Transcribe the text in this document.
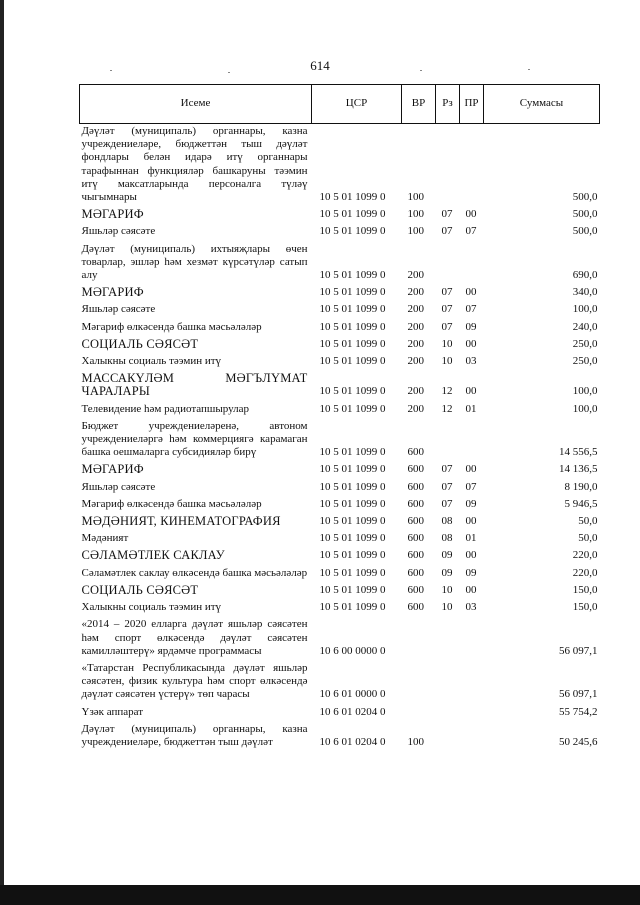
614
Исеме	ЦСР	ВР	Рз	ПР	Суммасы
Дәүләт (муниципаль) органнары, казна учреждениеләре, бюджеттән тыш дәүләт фондлары белән идарә итү органнары тарафыннан функцияләр башкаруны тәэмин итү максатларында персоналга түләү чыгымнары	10 5 01 1099 0	100			500,0
МӘГАРИФ	10 5 01 1099 0	100	07	00	500,0
Яшьләр сәясәте	10 5 01 1099 0	100	07	07	500,0
Дәүләт (муниципаль) ихтыяҗлары өчен товарлар, эшләр һәм хезмәт күрсәтүләр сатып алу	10 5 01 1099 0	200			690,0
МӘГАРИФ	10 5 01 1099 0	200	07	00	340,0
Яшьләр сәясәте	10 5 01 1099 0	200	07	07	100,0
Мәгариф өлкәсендә башка мәсьәләләр	10 5 01 1099 0	200	07	09	240,0
СОЦИАЛЬ СӘЯСӘТ	10 5 01 1099 0	200	10	00	250,0
Халыкны социаль тәэмин итү	10 5 01 1099 0	200	10	03	250,0
МАССАКҮЛӘМ МӘГЪЛҮМАТ ЧАРАЛАРЫ	10 5 01 1099 0	200	12	00	100,0
Телевидение һәм радиотапшырулар	10 5 01 1099 0	200	12	01	100,0
Бюджет учреждениеләренә, автоном учреждениеләргә һәм коммерциягә карамаган башка оешмаларга субсидияләр бирү	10 5 01 1099 0	600			14 556,5
МӘГАРИФ	10 5 01 1099 0	600	07	00	14 136,5
Яшьләр сәясәте	10 5 01 1099 0	600	07	07	8 190,0
Мәгариф өлкәсендә башка мәсьәләләр	10 5 01 1099 0	600	07	09	5 946,5
МӘДӘНИЯТ, КИНЕМАТОГРАФИЯ	10 5 01 1099 0	600	08	00	50,0
Мәдәният	10 5 01 1099 0	600	08	01	50,0
СӘЛАМӘТЛЕК САКЛАУ	10 5 01 1099 0	600	09	00	220,0
Сәламәтлек саклау өлкәсендә башка мәсьәләләр	10 5 01 1099 0	600	09	09	220,0
СОЦИАЛЬ СӘЯСӘТ	10 5 01 1099 0	600	10	00	150,0
Халыкны социаль тәэмин итү	10 5 01 1099 0	600	10	03	150,0
«2014 – 2020 елларга дәүләт яшьләр сәясәтен һәм спорт өлкәсендә дәүләт сәясәтен камилләштерү» ярдәмче программасы	10 6 00 0000 0				56 097,1
«Татарстан Республикасында дәүләт яшьләр сәясәтен, физик культура һәм спорт өлкәсендә дәүләт сәясәтен үстерү» төп чарасы	10 6 01 0000 0				56 097,1
Үзәк аппарат	10 6 01 0204 0				55 754,2
Дәүләт (муниципаль) органнары, казна учреждениеләре, бюджеттән тыш дәүләт	10 6 01 0204 0	100			50 245,6
